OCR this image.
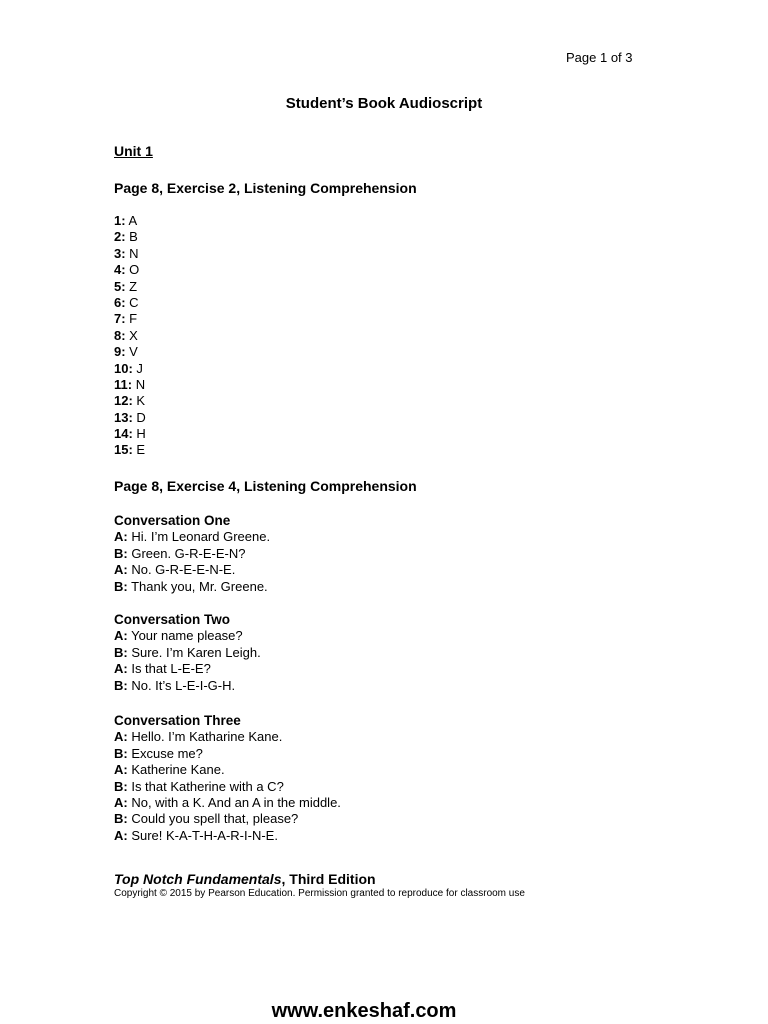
Page 1 of 3
Student’s Book Audioscript
Unit 1
Page 8, Exercise 2, Listening Comprehension
1: A
2: B
3: N
4: O
5: Z
6: C
7: F
8: X
9: V
10: J
11: N
12: K
13: D
14: H
15: E
Page 8, Exercise 4, Listening Comprehension
Conversation One
A: Hi. I’m Leonard Greene.
B: Green. G-R-E-E-N?
A: No. G-R-E-E-N-E.
B: Thank you, Mr. Greene.
Conversation Two
A: Your name please?
B: Sure. I’m Karen Leigh.
A: Is that L-E-E?
B: No. It’s L-E-I-G-H.
Conversation Three
A: Hello. I’m Katharine Kane.
B: Excuse me?
A: Katherine Kane.
B: Is that Katherine with a C?
A: No, with a K. And an A in the middle.
B: Could you spell that, please?
A: Sure! K-A-T-H-A-R-I-N-E.
Top Notch Fundamentals, Third Edition
Copyright © 2015 by Pearson Education. Permission granted to reproduce for classroom use
www.enkeshaf.com
